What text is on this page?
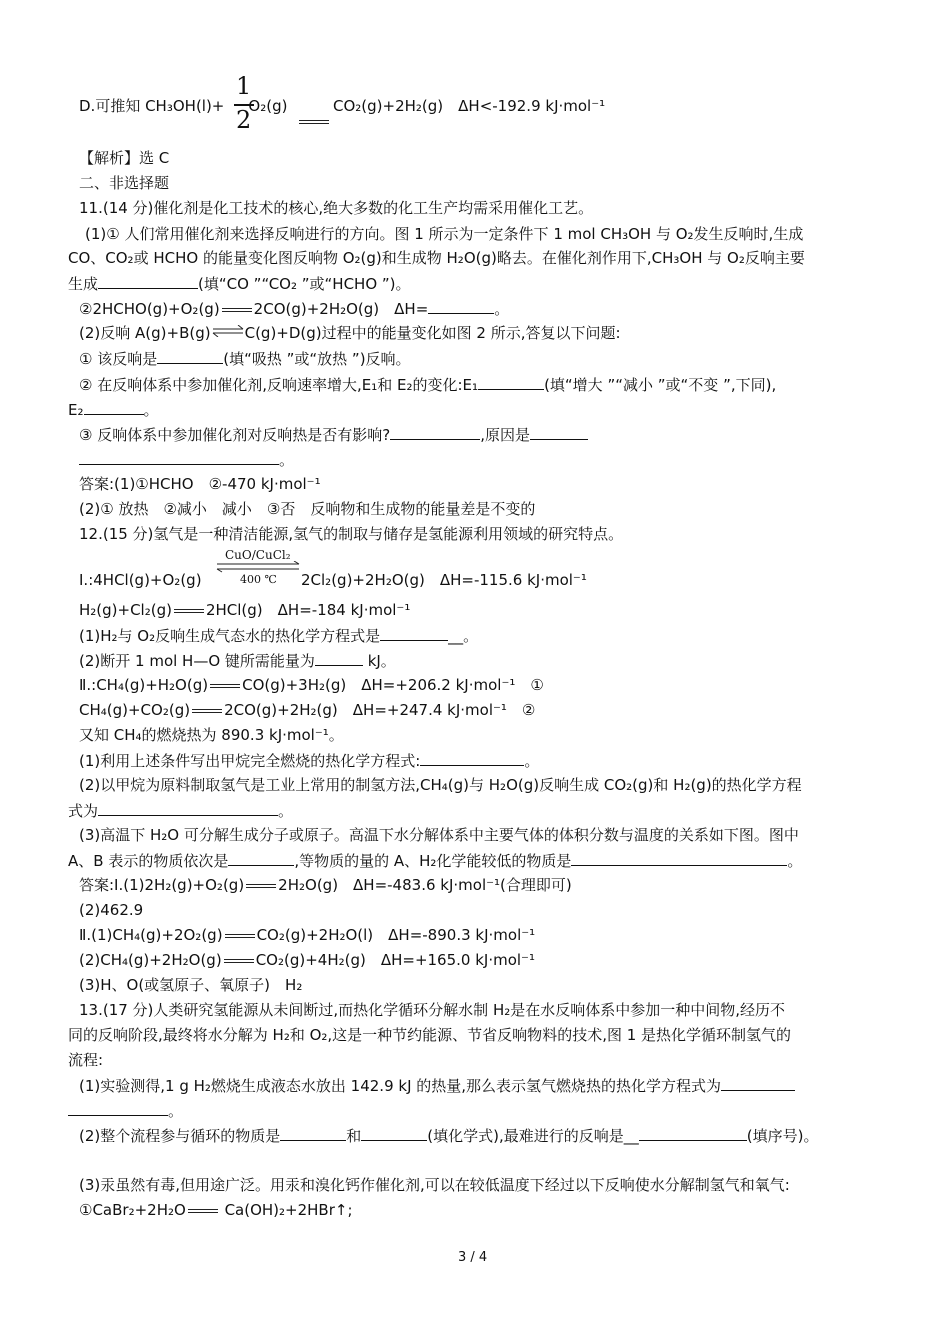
1
2
D.可推知 CH₃OH(l)+ O₂(g)	CO₂(g)+2H₂(g)　ΔH<-192.9 kJ·mol⁻¹
【解析】选 C
二、非选择题
11.(14 分)催化剂是化工技术的核心,绝大多数的化工生产均需采用催化工艺。
(1)① 人们常用催化剂来选择反响进行的方向。图 1 所示为一定条件下 1 mol CH₃OH 与 O₂发生反响时,生成
CO、CO₂或 HCHO 的能量变化图反响物 O₂(g)和生成物 H₂O(g)略去。在催化剂作用下,CH₃OH 与 O₂反响主要
生成	(填“CO ”“CO₂ ”或“HCHO ”)。
②2HCHO(g)+O₂(g) 2CO(g)+2H₂O(g)　ΔH=	。
(2)反响 A(g)+B(g)⇌C(g)+D(g)过程中的能量变化如图 2 所示,答复以下问题:
① 该反响是	(填“吸热 ”或“放热 ”)反响。
② 在反响体系中参加催化剂,反响速率增大,E₁和 E₂的变化:E₁	(填“增大 ”“减小 ”或“不变 ”,下同),
E₂	。
③ 反响体系中参加催化剂对反响热是否有影响?	,原因是
。
答案:(1)①HCHO　②-470 kJ·mol⁻¹
(2)① 放热　②减小　减小　③否　反响物和生成物的能量差是不变的
12.(15 分)氢气是一种清洁能源,氢气的制取与储存是氢能源利用领域的研究特点。
CuO/CuCl₂
400 ℃
Ⅰ.:4HCl(g)+O₂(g)	2Cl₂(g)+2H₂O(g)　ΔH=-115.6 kJ·mol⁻¹
H₂(g)+Cl₂(g) 2HCl(g)　ΔH=-184 kJ·mol⁻¹
(1)H₂与 O₂反响生成气态水的热化学方程式是	__。
(2)断开 1 mol H—O 键所需能量为	kJ。
Ⅱ.:CH₄(g)+H₂O(g) CO(g)+3H₂(g)　ΔH=+206.2 kJ·mol⁻¹　①
CH₄(g)+CO₂(g) 2CO(g)+2H₂(g)　ΔH=+247.4 kJ·mol⁻¹　②
又知 CH₄的燃烧热为 890.3 kJ·mol⁻¹。
(1)利用上述条件写出甲烷完全燃烧的热化学方程式:	。
(2)以甲烷为原料制取氢气是工业上常用的制氢方法,CH₄(g)与 H₂O(g)反响生成 CO₂(g)和 H₂(g)的热化学方程
式为	。
(3)高温下 H₂O 可分解生成分子或原子。高温下水分解体系中主要气体的体积分数与温度的关系如下图。图中
A、B 表示的物质依次是	,等物质的量的 A、H₂化学能较低的物质是	。
答案:Ⅰ.(1)2H₂(g)+O₂(g) 2H₂O(g)　ΔH=-483.6 kJ·mol⁻¹(合理即可)
(2)462.9
Ⅱ.(1)CH₄(g)+2O₂(g) CO₂(g)+2H₂O(l)　ΔH=-890.3 kJ·mol⁻¹
(2)CH₄(g)+2H₂O(g) CO₂(g)+4H₂(g)　ΔH=+165.0 kJ·mol⁻¹
(3)H、O(或氢原子、氧原子)　H₂
13.(17 分)人类研究氢能源从未间断过,而热化学循环分解水制 H₂是在水反响体系中参加一种中间物,经历不
同的反响阶段,最终将水分解为 H₂和 O₂,这是一种节约能源、节省反响物料的技术,图 1 是热化学循环制氢气的
流程:
(1)实验测得,1 g H₂燃烧生成液态水放出 142.9 kJ 的热量,那么表示氢气燃烧热的热化学方程式为
。
(2)整个流程参与循环的物质是	和	(填化学式),最难进行的反响是__	(填序号)。
(3)汞虽然有毒,但用途广泛。用汞和溴化钙作催化剂,可以在较低温度下经过以下反响使水分解制氢气和氧气:
①CaBr₂+2H₂O Ca(OH)₂+2HBr↑;
3 / 4
